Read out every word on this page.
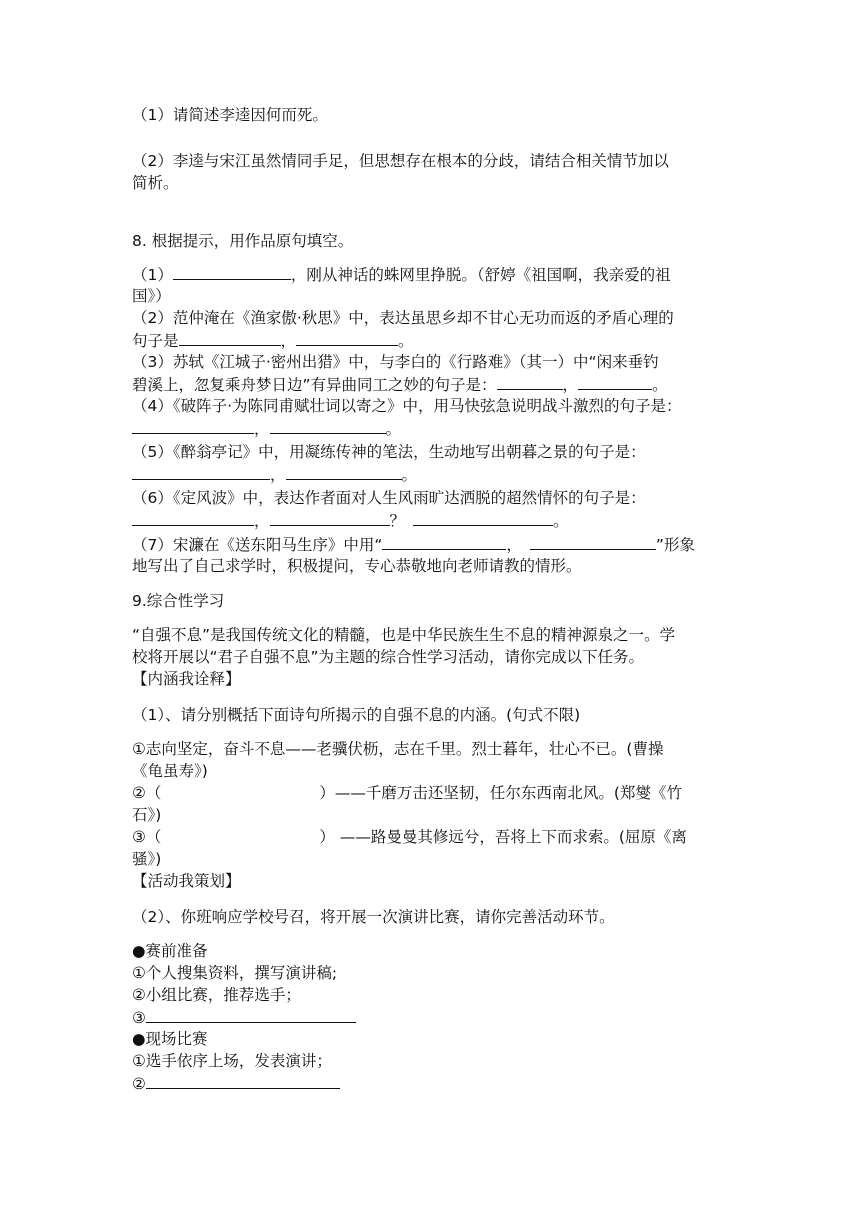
（1）请简述李逵因何而死。
（2）李逵与宋江虽然情同手足，但思想存在根本的分歧，请结合相关情节加以
简析。
8. 根据提示，用作品原句填空。
（1）	，刚从神话的蛛网里挣脱。（舒婷《祖国啊，我亲爱的祖
国》）
（2）范仲淹在《渔家傲·秋思》中，表达虽思乡却不甘心无功而返的矛盾心理的
句子是	，	。
（3）苏轼《江城子·密州出猎》中，与李白的《行路难》（其一）中“闲来垂钓
碧溪上，忽复乘舟梦日边”有异曲同工之妙的句子是：	，	。
（4）《破阵子·为陈同甫赋壮词以寄之》中，用马快弦急说明战斗激烈的句子是：
，	。
（5）《醉翁亭记》中，用凝练传神的笔法，生动地写出朝暮之景的句子是：
，	。
（6）《定风波》中，表达作者面对人生风雨旷达洒脱的超然情怀的句子是：
，	？	。
（7）宋濂在《送东阳马生序》中用“	，	”形象
地写出了自己求学时，积极提问，专心恭敬地向老师请教的情形。
9.综合性学习
“自强不息”是我国传统文化的精髓，也是中华民族生生不息的精神源泉之一。学
校将开展以“君子自强不息”为主题的综合性学习活动，请你完成以下任务。
【内涵我诠释】
（1）、请分别概括下面诗句所揭示的自强不息的内涵。(句式不限)
①志向坚定，奋斗不息——老骥伏枥，志在千里。烈士暮年，壮心不已。(曹操
《龟虽寿》)
②（	）——千磨万击还坚韧，任尔东西南北风。(郑燮《竹
石》)
③（	） ——路曼曼其修远兮，吾将上下而求索。(屈原《离
骚》)
【活动我策划】
（2）、你班响应学校号召，将开展一次演讲比赛，请你完善活动环节。
●赛前准备
①个人搜集资料，撰写演讲稿;
②小组比赛，推荐选手；
③
●现场比赛
①选手依序上场，发表演讲；
②
